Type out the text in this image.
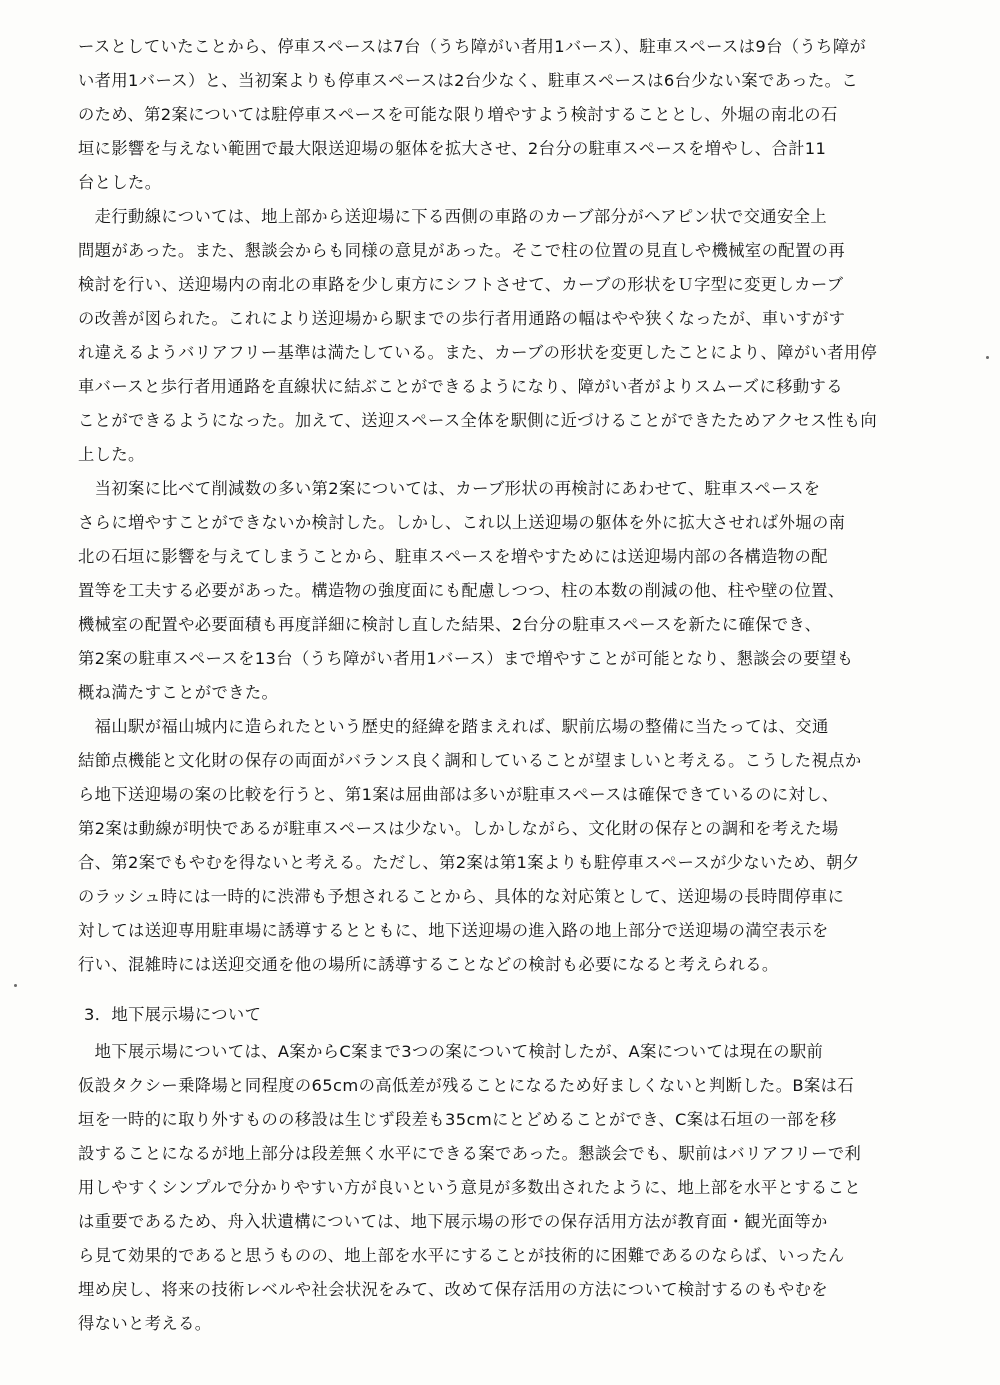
ースとしていたことから、停車スペースは7台（うち障がい者用1バース）、駐車スペースは9台（うち障が
い者用1バース）と、当初案よりも停車スペースは2台少なく、駐車スペースは6台少ない案であった。こ
のため、第2案については駐停車スペースを可能な限り増やすよう検討することとし、外堀の南北の石
垣に影響を与えない範囲で最大限送迎場の躯体を拡大させ、2台分の駐車スペースを増やし、合計11
台とした。
　走行動線については、地上部から送迎場に下る西側の車路のカーブ部分がヘアピン状で交通安全上
問題があった。また、懇談会からも同様の意見があった。そこで柱の位置の見直しや機械室の配置の再
検討を行い、送迎場内の南北の車路を少し東方にシフトさせて、カーブの形状をＵ字型に変更しカーブ
の改善が図られた。これにより送迎場から駅までの歩行者用通路の幅はやや狭くなったが、車いすがす
れ違えるようバリアフリー基準は満たしている。また、カーブの形状を変更したことにより、障がい者用停
車バースと歩行者用通路を直線状に結ぶことができるようになり、障がい者がよりスムーズに移動する
ことができるようになった。加えて、送迎スペース全体を駅側に近づけることができたためアクセス性も向
上した。
　当初案に比べて削減数の多い第2案については、カーブ形状の再検討にあわせて、駐車スペースを
さらに増やすことができないか検討した。しかし、これ以上送迎場の躯体を外に拡大させれば外堀の南
北の石垣に影響を与えてしまうことから、駐車スペースを増やすためには送迎場内部の各構造物の配
置等を工夫する必要があった。構造物の強度面にも配慮しつつ、柱の本数の削減の他、柱や壁の位置、
機械室の配置や必要面積も再度詳細に検討し直した結果、2台分の駐車スペースを新たに確保でき、
第2案の駐車スペースを13台（うち障がい者用1バース）まで増やすことが可能となり、懇談会の要望も
概ね満たすことができた。
　福山駅が福山城内に造られたという歴史的経緯を踏まえれば、駅前広場の整備に当たっては、交通
結節点機能と文化財の保存の両面がバランス良く調和していることが望ましいと考える。こうした視点か
ら地下送迎場の案の比較を行うと、第1案は屈曲部は多いが駐車スペースは確保できているのに対し、
第2案は動線が明快であるが駐車スペースは少ない。しかしながら、文化財の保存との調和を考えた場
合、第2案でもやむを得ないと考える。ただし、第2案は第1案よりも駐停車スペースが少ないため、朝夕
のラッシュ時には一時的に渋滞も予想されることから、具体的な対応策として、送迎場の長時間停車に
対しては送迎専用駐車場に誘導するとともに、地下送迎場の進入路の地上部分で送迎場の満空表示を
行い、混雑時には送迎交通を他の場所に誘導することなどの検討も必要になると考えられる。
3．地下展示場について
　地下展示場については、A案からC案まで3つの案について検討したが、A案については現在の駅前
仮設タクシー乗降場と同程度の65cmの高低差が残ることになるため好ましくないと判断した。B案は石
垣を一時的に取り外すものの移設は生じず段差も35cmにとどめることができ、C案は石垣の一部を移
設することになるが地上部分は段差無く水平にできる案であった。懇談会でも、駅前はバリアフリーで利
用しやすくシンプルで分かりやすい方が良いという意見が多数出されたように、地上部を水平とすること
は重要であるため、舟入状遺構については、地下展示場の形での保存活用方法が教育面・観光面等か
ら見て効果的であると思うものの、地上部を水平にすることが技術的に困難であるのならば、いったん
埋め戻し、将来の技術レベルや社会状況をみて、改めて保存活用の方法について検討するのもやむを
得ないと考える。
